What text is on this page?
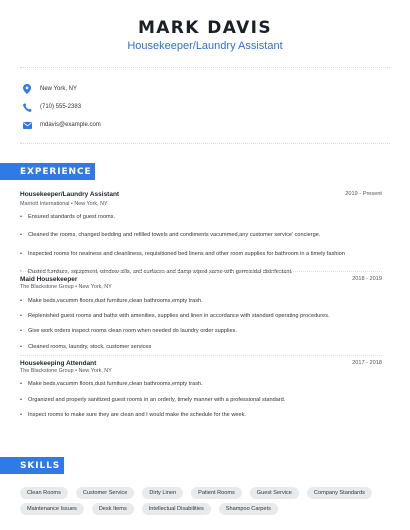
MARK DAVIS
Housekeeper/Laundry Assistant
New York, NY
(710) 555-2383
mdavis@example.com
EXPERIENCE
Housekeeper/Laundry Assistant	2019 - Present
Marriott International • New York, NY
• Ensured standards of guest rooms.
• Cleaned the rooms, changed bedding and refilled towels and condiments vacummed,any customer service' concierge.
• Inspected rooms for neatness and cleanliness, requisitioned bed linens and other room supplies for bathroom in a timely fashion
• Dusted furniture, equipment, window sills, and surfaces and damp wiped same with germicidal disinfectant.
Maid Housekeeper	2018 - 2019
The Blackstone Group • New York, NY
• Make beds,vacumm floors,dust furniture,clean bathrooms,empty trash.
• Replenished guest rooms and baths with amenities, supplies and linen in accordance with standard operating procedures.
• Give work orders inspect rooms clean room when needed do laundry order supplies.
• Cleaned rooms, laundry, stock, customer services
Housekeeping Attendant	2017 - 2018
The Blackstone Group • New York, NY
• Make beds,vacumm floors,dust furniture,clean bathrooms,empty trash.
• Organized and properly sanitized guest rooms in an orderly, timely manner with a professional standard.
• Inspect rooms to make sure they are clean and I would make the schedule for the week.
SKILLS
Clean Rooms	Customer Service	Dirty Linen	Patient Rooms	Guest Service	Company Standards
Maintenance Issues	Desk Items	Intellectual Disabilities	Shampoo Carpets
